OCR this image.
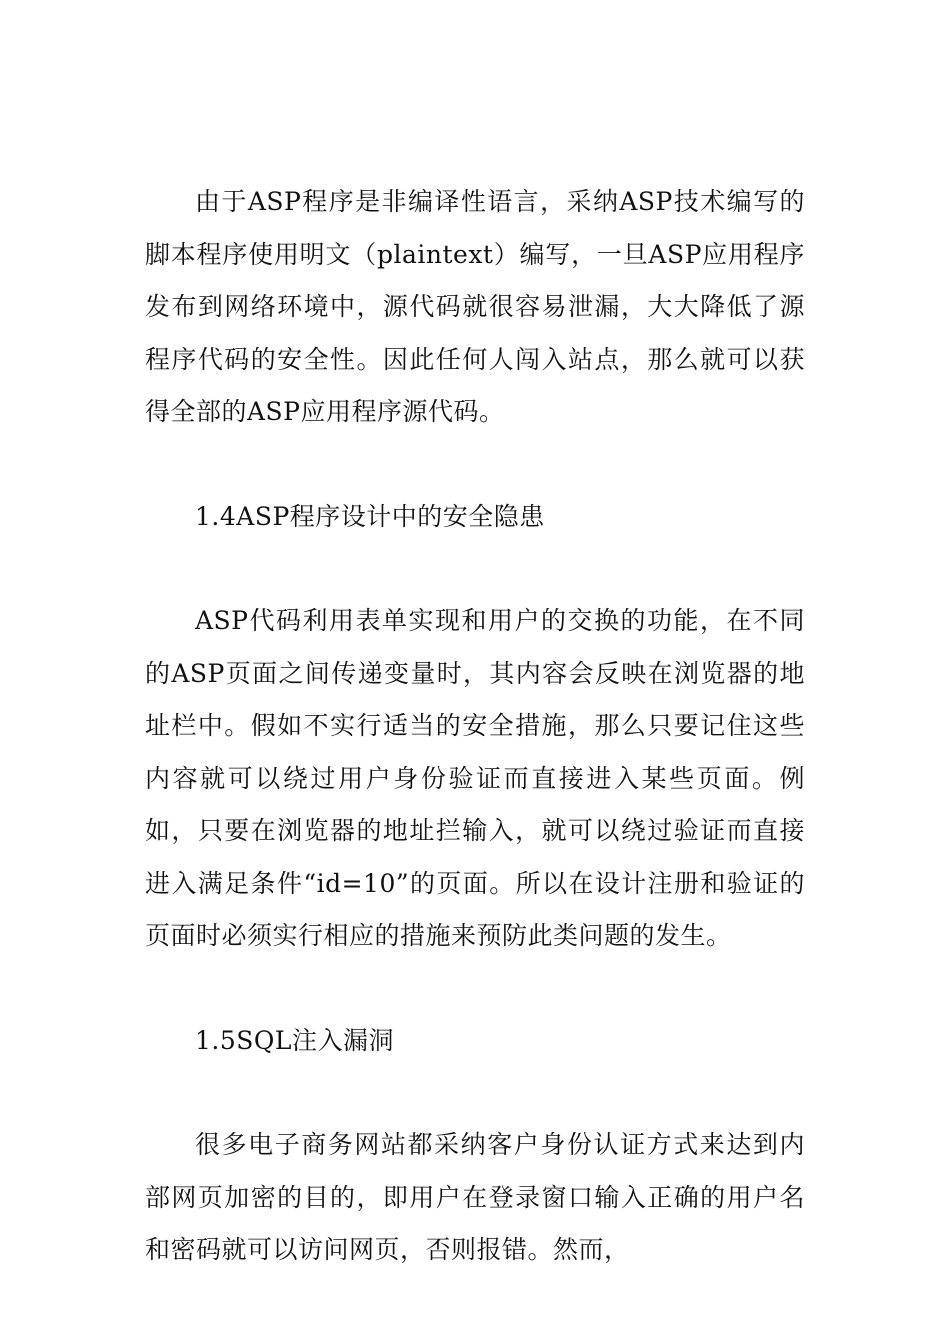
由于ASP程序是非编译性语言，采纳ASP技术编写的脚本程序使用明文（plaintext）编写，一旦ASP应用程序发布到网络环境中，源代码就很容易泄漏，大大降低了源程序代码的安全性。因此任何人闯入站点，那么就可以获得全部的ASP应用程序源代码。

1.4ASP程序设计中的安全隐患

ASP代码利用表单实现和用户的交换的功能，在不同的ASP页面之间传递变量时，其内容会反映在浏览器的地址栏中。假如不实行适当的安全措施，那么只要记住这些内容就可以绕过用户身份验证而直接进入某些页面。例如，只要在浏览器的地址拦输入，就可以绕过验证而直接进入满足条件“id=10”的页面。所以在设计注册和验证的页面时必须实行相应的措施来预防此类问题的发生。

1.5SQL注入漏洞

很多电子商务网站都采纳客户身份认证方式来达到内部网页加密的目的，即用户在登录窗口输入正确的用户名和密码就可以访问网页，否则报错。然而，
